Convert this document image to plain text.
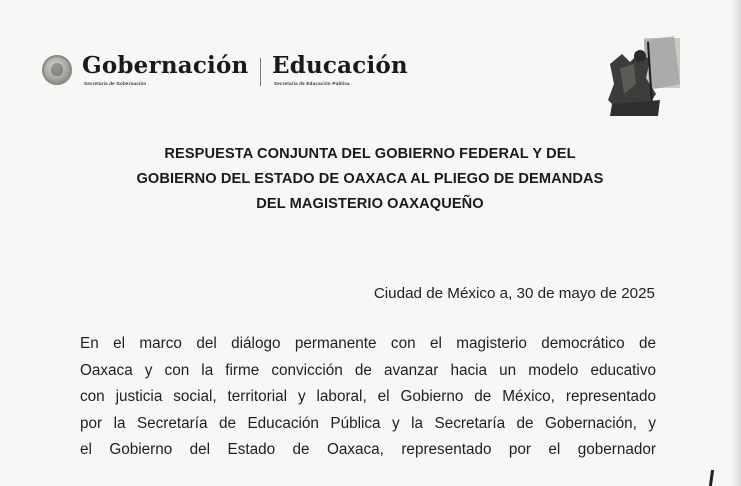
Gobernación
Secretaría de Gobernación
Educación
Secretaría de Educación Pública
RESPUESTA CONJUNTA DEL GOBIERNO FEDERAL Y DEL
GOBIERNO DEL ESTADO DE OAXACA AL PLIEGO DE DEMANDAS
DEL MAGISTERIO OAXAQUEÑO
Ciudad de México a, 30 de mayo de 2025
En el marco del diálogo permanente con el magisterio democrático de
Oaxaca y con la firme convicción de avanzar hacia un modelo educativo
con justicia social, territorial y laboral, el Gobierno de México, representado
por la Secretaría de Educación Pública y la Secretaría de Gobernación, y
el Gobierno del Estado de Oaxaca, representado por el gobernador
